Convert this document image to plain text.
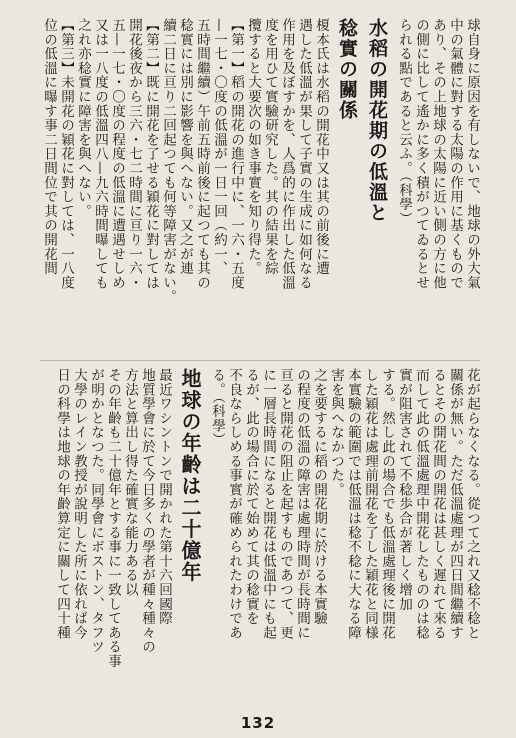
球自身に原因を有しないで、地球の外大氣
中の氣體に對する太陽の作用に基くもので
あり、その上地球の太陽に近い側の方に他
の側に比して遙かに多く積がつてゐるとせ
られる點であると云ふ。（科學）
水稻の開花期の低溫と
稔實の關係
榎本氏は水稻の開花中又は其の前後に遭
遇した低溫が果して子實の生成に如何なる
作用を及ぼすかを、人爲的に作出した低溫
度を用ひて實驗研究した。其の結果を綜
攬すると大要次の如き事實を知り得た。
【第一】稻の開花の進行中に、一六・五度
—一七・〇度の低溫が一日一回（約一、
五時間繼續）午前五時前後に起つても其の
稔實には別に影響を與へない。又之が連
續二日に亘り二回起つても何等障害がない。
【第二】既に開花を了せる穎花に對しては
開花後夜から三六・七二時間に亘り一六・
五—一七・〇度の程度の低溫に遭遇せしめ
又は一八度の低溫四八—九六時間曝しても
之れ亦稔實に障害を與へない。
【第三】未開花の穎花に對しては、一八度
位の低溫に曝す事二日間位で其の開花間
花が起らなくなる。從つて之れ又稔不稔と
關係が無い。ただ低溫處理が四日間繼續す
るとその開花間の開花は甚しく遲れて來る
而して此の低溫處理中開花したもののは稔
實が阻害されて不稔歩合が著しく增加
する。然し此の場合でも低溫處理後に開花
した穎花は處理前開花を了した穎花と同様
本實驗の範圍では低溫は稔不稔に大なる障
害を與へなかつた。
之を要するに稻の開花期に於ける本實驗
の程度の低溫の障害は處理時間が長時間に
亘ると開花の阻止を起すものであつて、更
に一層長時間になると開花は低溫中にも起
るが、此の場合に於て始めて其の稔實を
不良ならしめる事實が確められたわけであ
る。（科學）
地球の年齡は二十億年
最近ワシントンで開かれた第十六回國際
地質學會に於て今日多くの學者が種々種々の
方法と算出し得た確實な能力ある以
その年齡も二十億年とする事に一致してある事
が明かとなつた。同學會にボストン、タフツ
大學のレイン教授が說明した所に依れば今
日の科學は地球の年齡算定に關して四十種
132
